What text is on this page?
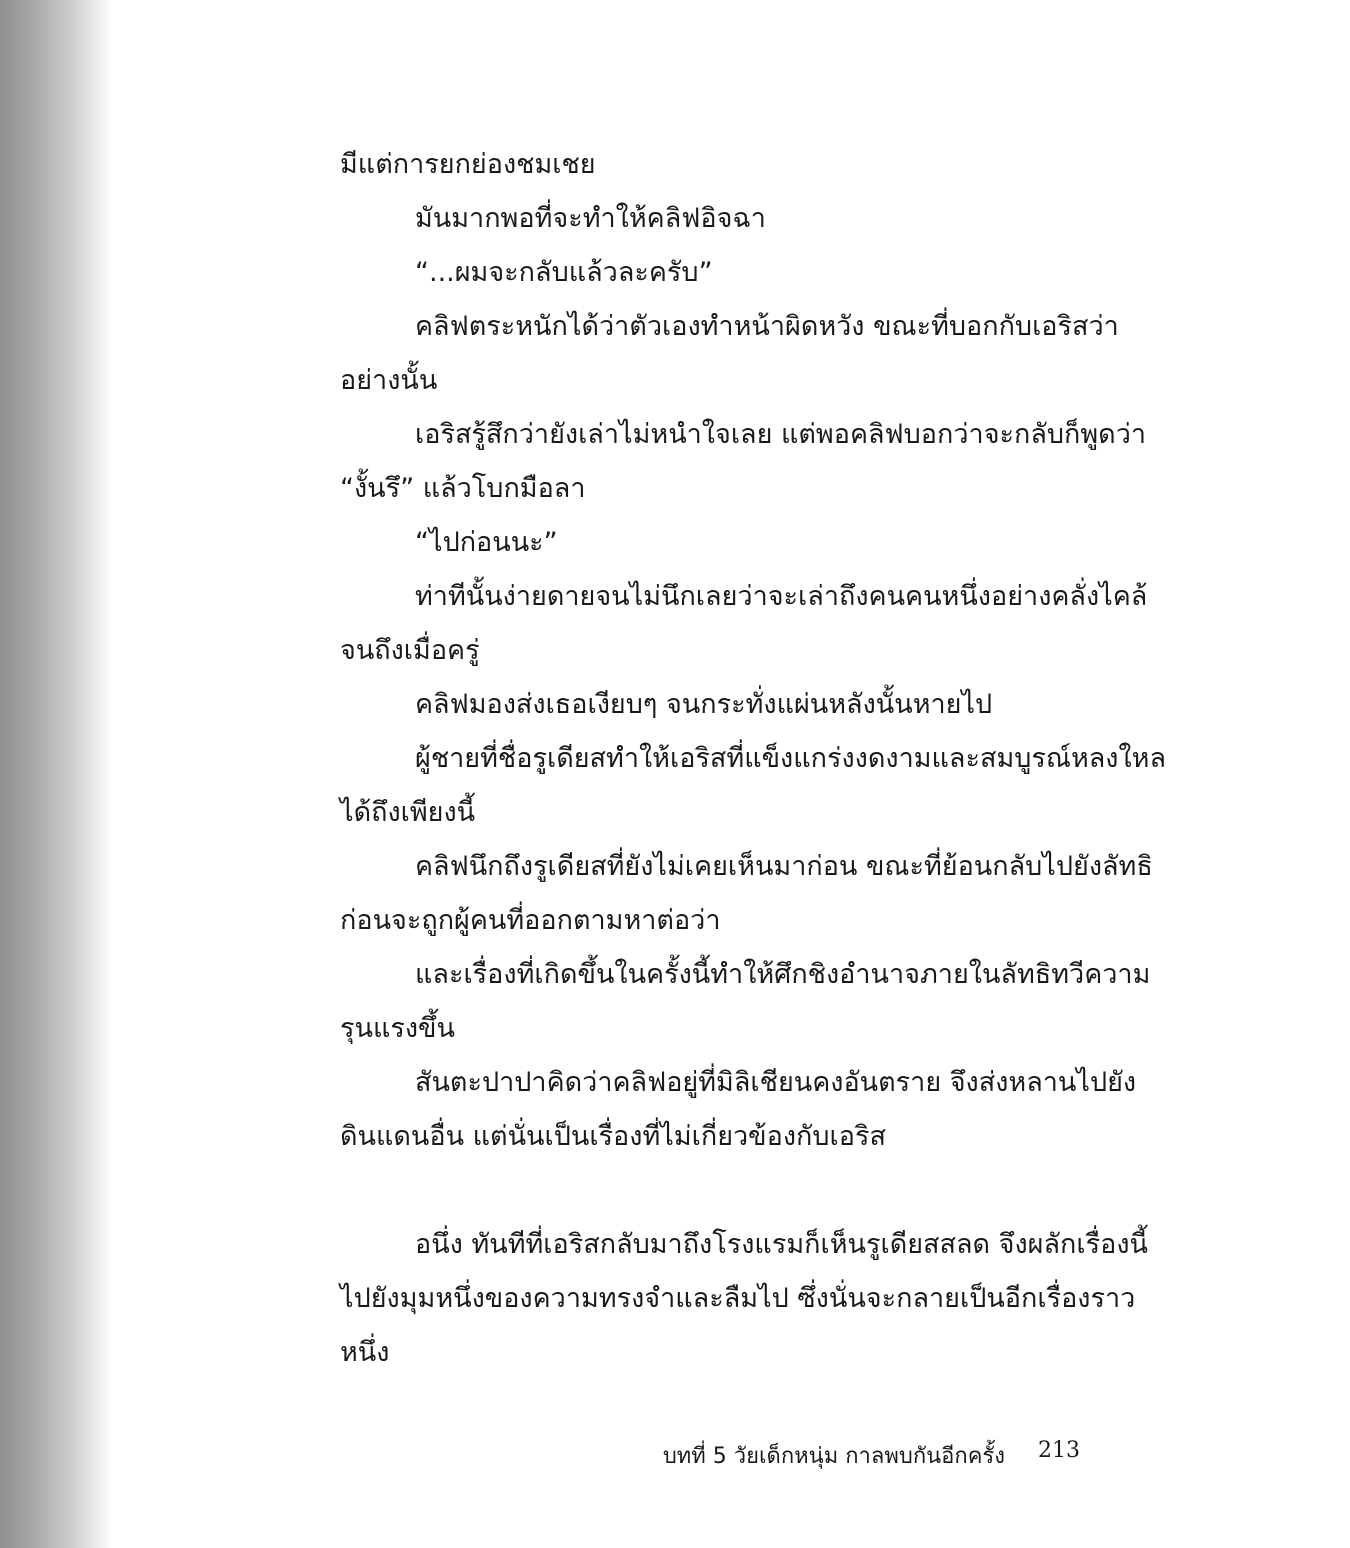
มีแต่การยกย่องชมเชย
มันมากพอที่จะทำให้คลิฟอิจฉา
“...ผมจะกลับแล้วละครับ”
คลิฟตระหนักได้ว่าตัวเองทำหน้าผิดหวัง ขณะที่บอกกับเอริสว่า
อย่างนั้น
เอริสรู้สึกว่ายังเล่าไม่หนำใจเลย แต่พอคลิฟบอกว่าจะกลับก็พูดว่า
“งั้นรึ” แล้วโบกมือลา
“ไปก่อนนะ”
ท่าทีนั้นง่ายดายจนไม่นึกเลยว่าจะเล่าถึงคนคนหนึ่งอย่างคลั่งไคล้
จนถึงเมื่อครู่
คลิฟมองส่งเธอเงียบๆ จนกระทั่งแผ่นหลังนั้นหายไป
ผู้ชายที่ชื่อรูเดียสทำให้เอริสที่แข็งแกร่งงดงามและสมบูรณ์หลงใหล
ได้ถึงเพียงนี้
คลิฟนึกถึงรูเดียสที่ยังไม่เคยเห็นมาก่อน ขณะที่ย้อนกลับไปยังลัทธิ
ก่อนจะถูกผู้คนที่ออกตามหาต่อว่า
และเรื่องที่เกิดขึ้นในครั้งนี้ทำให้ศึกชิงอำนาจภายในลัทธิทวีความ
รุนแรงขึ้น
สันตะปาปาคิดว่าคลิฟอยู่ที่มิลิเชียนคงอันตราย จึงส่งหลานไปยัง
ดินแดนอื่น แต่นั่นเป็นเรื่องที่ไม่เกี่ยวข้องกับเอริส
อนึ่ง ทันทีที่เอริสกลับมาถึงโรงแรมก็เห็นรูเดียสสลด จึงผลักเรื่องนี้
ไปยังมุมหนึ่งของความทรงจำและลืมไป ซึ่งนั่นจะกลายเป็นอีกเรื่องราว
หนึ่ง
บทที่ 5 วัยเด็กหนุ่ม กาลพบกันอีกครั้ง 213
